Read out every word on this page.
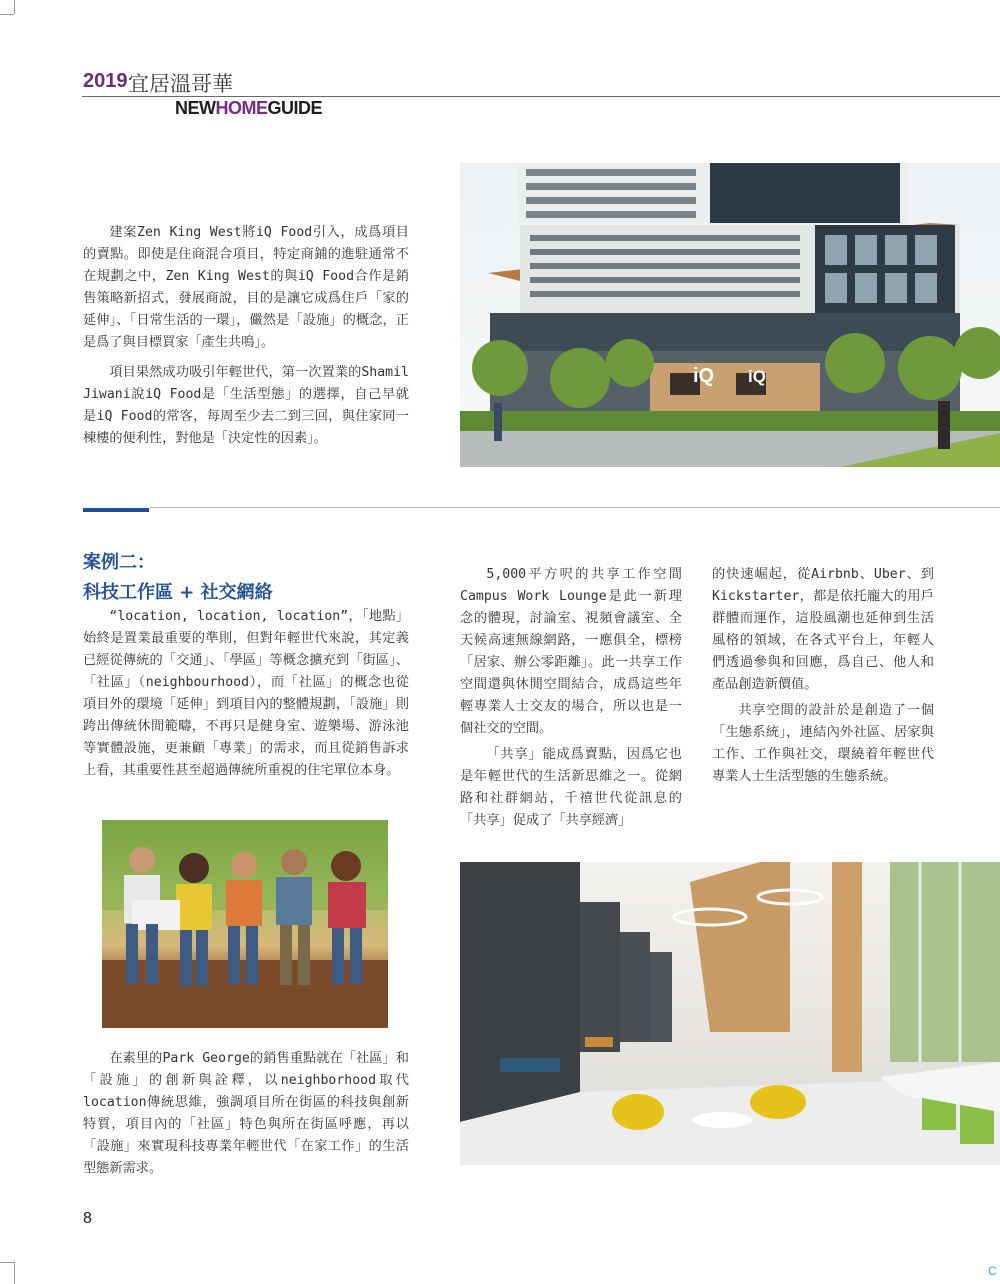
2019 宜居溫哥華
NEWHOMEGUIDE

建案Zen King West將iQ Food引入，成爲項目的賣點。即使是住商混合項目，特定商鋪的進駐通常不在規劃之中，Zen King West的與iQ Food合作是銷售策略新招式，發展商說，目的是讓它成爲住戶「家的延伸」、「日常生活的一環」，儼然是「設施」的概念，正是爲了與目標買家「產生共鳴」。

項目果然成功吸引年輕世代，第一次置業的Shamil Jiwani說iQ Food是「生活型態」的選擇，自己早就是iQ Food的常客，每周至少去二到三回，與住家同一棟樓的便利性，對他是「決定性的因素」。

iQ iQ
案例二：
科技工作區 + 社交網絡

“location, location, location”，「地點」始終是置業最重要的準則，但對年輕世代來說，其定義已經從傳統的「交通」、「學區」等概念擴充到「街區」、「社區」（neighbourhood），而「社區」的概念也從項目外的環境「延伸」到項目內的整體規劃，「設施」則跨出傳統休閒範疇，不再只是健身室、遊樂場、游泳池等實體設施，更兼顧「專業」的需求，而且從銷售訴求上看，其重要性甚至超過傳統所重視的住宅單位本身。

5,000平方呎的共享工作空間Campus Work Lounge是此一新理念的體現，討論室、視頻會議室、全天候高速無線網路，一應俱全，標榜「居家、辦公零距離」。此一共享工作空間還與休閒空間結合，成爲這些年輕專業人士交友的場合，所以也是一個社交的空間。

「共享」能成爲賣點，因爲它也是年輕世代的生活新思維之一。從網路和社群網站，千禧世代從訊息的「共享」促成了「共享經濟」

的快速崛起，從Airbnb、Uber、到Kickstarter，都是依托龐大的用戶群體而運作，這股風潮也延伸到生活風格的領域，在各式平台上，年輕人們透過參與和回應，爲自己、他人和產品創造新價值。

共享空間的設計於是創造了一個「生態系統」，連結內外社區、居家與工作、工作與社交，環繞着年輕世代專業人士生活型態的生態系統。

在素里的Park George的銷售重點就在「社區」和「設施」的創新與詮釋，以neighborhood取代location傳統思維，強調項目所在街區的科技與創新特質，項目內的「社區」特色與所在街區呼應，再以「設施」來實現科技專業年輕世代「在家工作」的生活型態新需求。

8
C
